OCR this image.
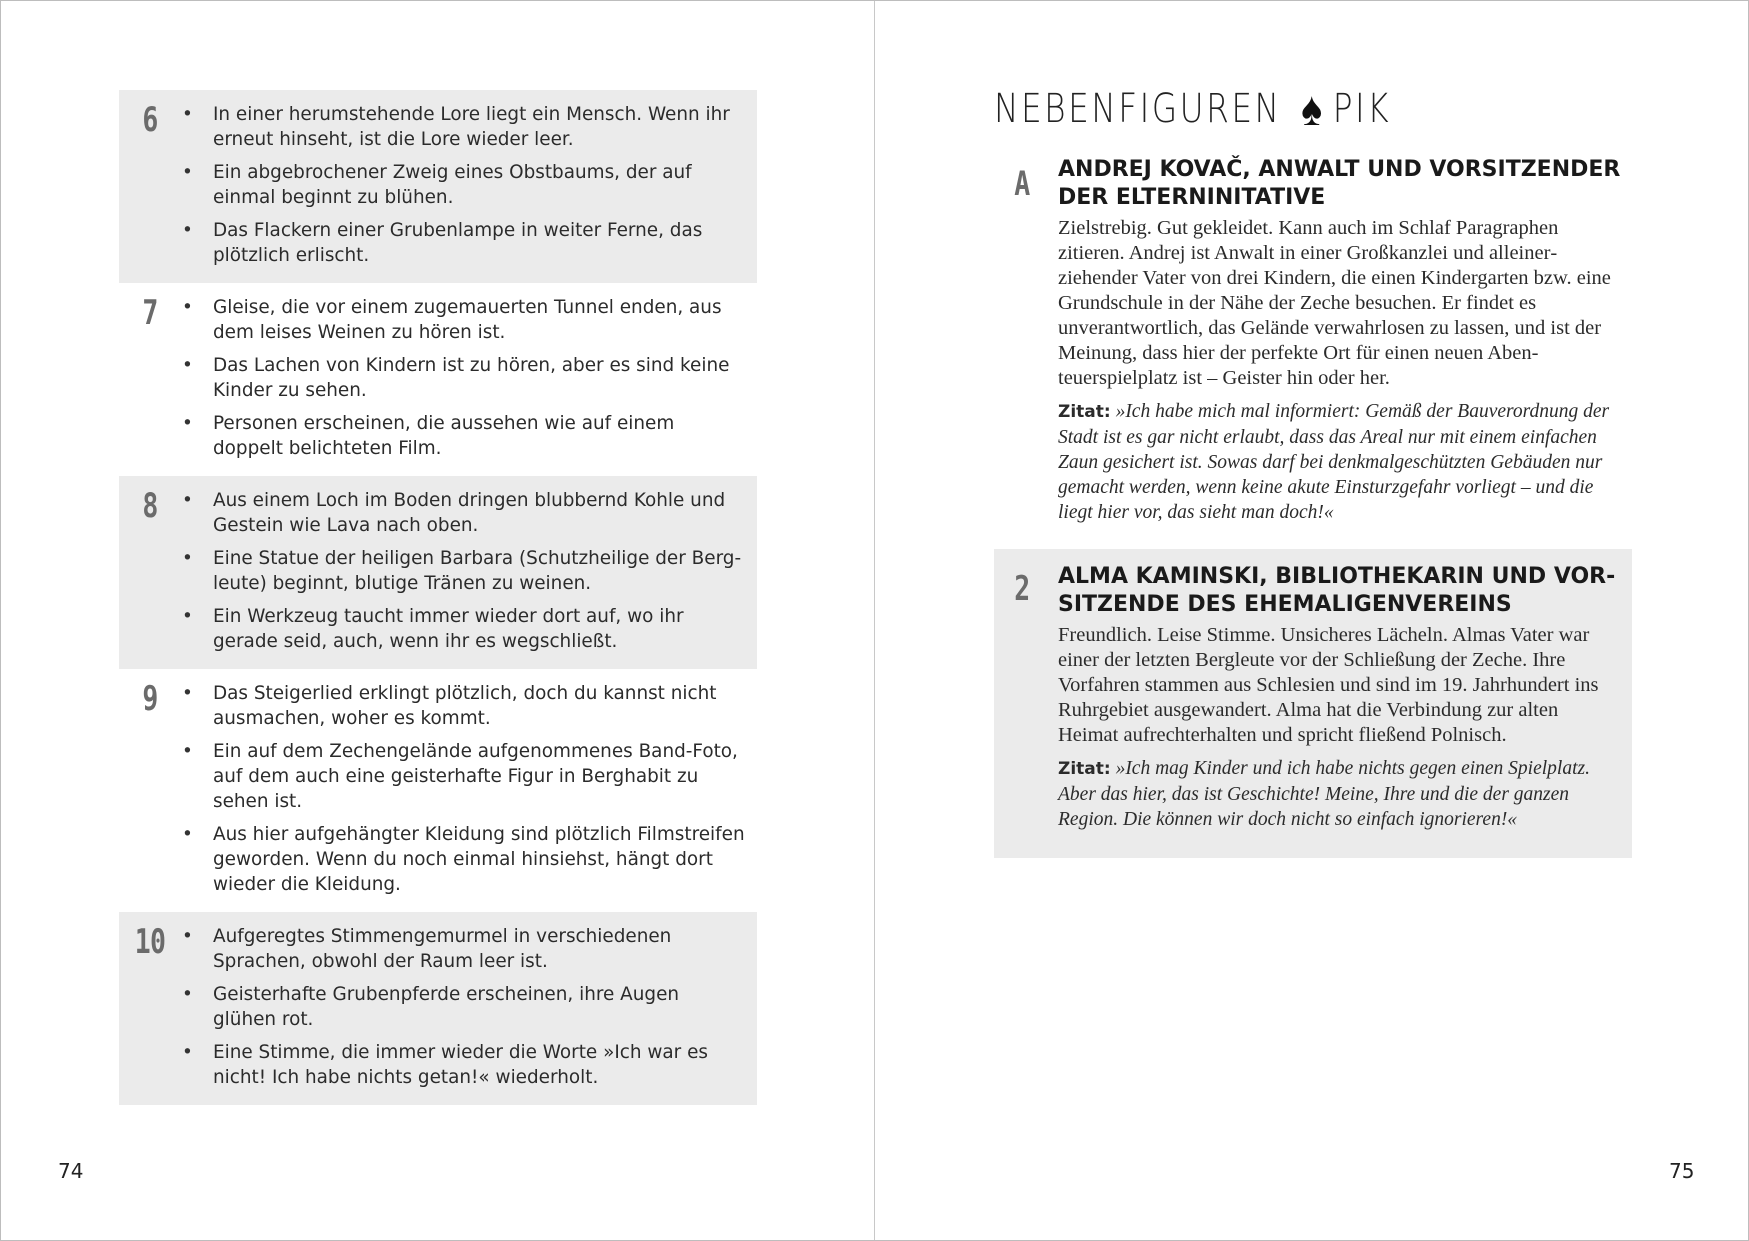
6	• In einer herumstehende Lore liegt ein Mensch. Wenn ihr erneut hinseht, ist die Lore wieder leer.
• Ein abgebrochener Zweig eines Obstbaums, der auf einmal beginnt zu blühen.
• Das Flackern einer Grubenlampe in weiter Ferne, das plötzlich erlischt.
7	• Gleise, die vor einem zugemauerten Tunnel enden, aus dem leises Weinen zu hören ist.
• Das Lachen von Kindern ist zu hören, aber es sind keine Kinder zu sehen.
• Personen erscheinen, die aussehen wie auf einem doppelt belichteten Film.
8	• Aus einem Loch im Boden dringen blubbernd Kohle und Gestein wie Lava nach oben.
• Eine Statue der heiligen Barbara (Schutzheilige der Bergleute) beginnt, blutige Tränen zu weinen.
• Ein Werkzeug taucht immer wieder dort auf, wo ihr gerade seid, auch, wenn ihr es wegschließt.
9	• Das Steigerlied erklingt plötzlich, doch du kannst nicht ausmachen, woher es kommt.
• Ein auf dem Zechengelände aufgenommenes Band-Foto, auf dem auch eine geisterhafte Figur in Berghabit zu sehen ist.
• Aus hier aufgehängter Kleidung sind plötzlich Filmstreifen geworden. Wenn du noch einmal hinsiehst, hängt dort wieder die Kleidung.
10	• Aufgeregtes Stimmengemurmel in verschiedenen Sprachen, obwohl der Raum leer ist.
• Geisterhafte Grubenpferde erscheinen, ihre Augen glühen rot.
• Eine Stimme, die immer wieder die Worte »Ich war es nicht! Ich habe nichts getan!« wiederholt.
74
NEBENFIGUREN ♠ PIK
A ANDREJ KOVAČ, ANWALT UND VORSITZENDER DER ELTERNINITATIVE

Zielstrebig. Gut gekleidet. Kann auch im Schlaf Paragraphen zitieren. Andrej ist Anwalt in einer Großkanzlei und alleinerziehender Vater von drei Kindern, die einen Kindergarten bzw. eine Grundschule in der Nähe der Zeche besuchen. Er findet es unverantwortlich, das Gelände verwahrlosen zu lassen, und ist der Meinung, dass hier der perfekte Ort für einen neuen Abenteuerspielplatz ist – Geister hin oder her.

Zitat: »Ich habe mich mal informiert: Gemäß der Bauverordnung der Stadt ist es gar nicht erlaubt, dass das Areal nur mit einem einfachen Zaun gesichert ist. Sowas darf bei denkmalgeschützten Gebäuden nur gemacht werden, wenn keine akute Einsturzgefahr vorliegt – und die liegt hier vor, das sieht man doch!«

2 ALMA KAMINSKI, BIBLIOTHEKARIN UND VORSITZENDE DES EHEMALIGENVEREINS

Freundlich. Leise Stimme. Unsicheres Lächeln. Almas Vater war einer der letzten Bergleute vor der Schließung der Zeche. Ihre Vorfahren stammen aus Schlesien und sind im 19. Jahrhundert ins Ruhrgebiet ausgewandert. Alma hat die Verbindung zur alten Heimat aufrechterhalten und spricht fließend Polnisch.

Zitat: »Ich mag Kinder und ich habe nichts gegen einen Spielplatz. Aber das hier, das ist Geschichte! Meine, Ihre und die der ganzen Region. Die können wir doch nicht so einfach ignorieren!«

75
